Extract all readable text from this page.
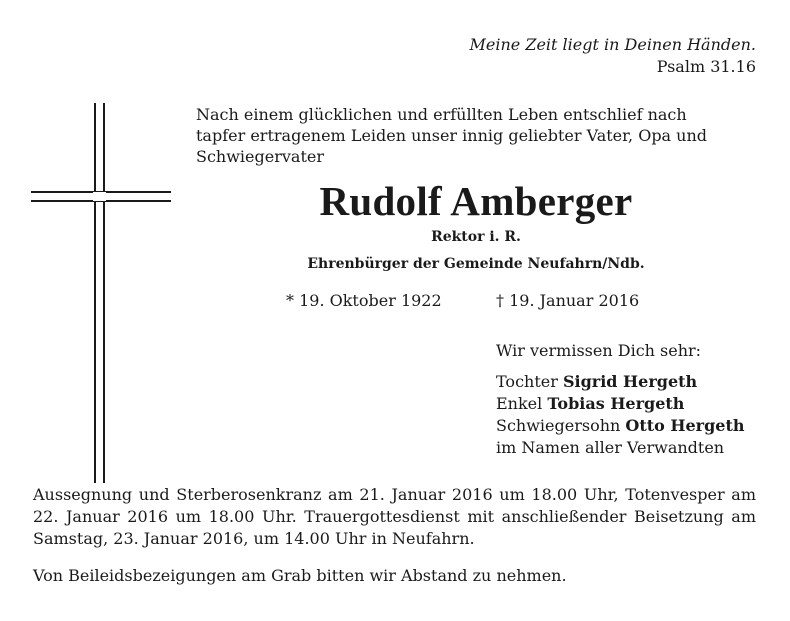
Meine Zeit liegt in Deinen Händen.
Psalm 31.16
Nach einem glücklichen und erfüllten Leben entschlief nach
tapfer ertragenem Leiden unser innig geliebter Vater, Opa und
Schwiegervater
Rudolf Amberger
Rektor i. R.
Ehrenbürger der Gemeinde Neufahrn/Ndb.
* 19. Oktober 1922	† 19. Januar 2016
Wir vermissen Dich sehr:
Tochter Sigrid Hergeth
Enkel Tobias Hergeth
Schwiegersohn Otto Hergeth
im Namen aller Verwandten
Aussegnung und Sterberosenkranz am 21. Januar 2016 um 18.00 Uhr, Totenvesper am 22. Januar 2016 um 18.00 Uhr. Trauergottesdienst mit anschließender Beisetzung am Samstag, 23. Januar 2016, um 14.00 Uhr in Neufahrn.
Von Beileidsbezeigungen am Grab bitten wir Abstand zu nehmen.
